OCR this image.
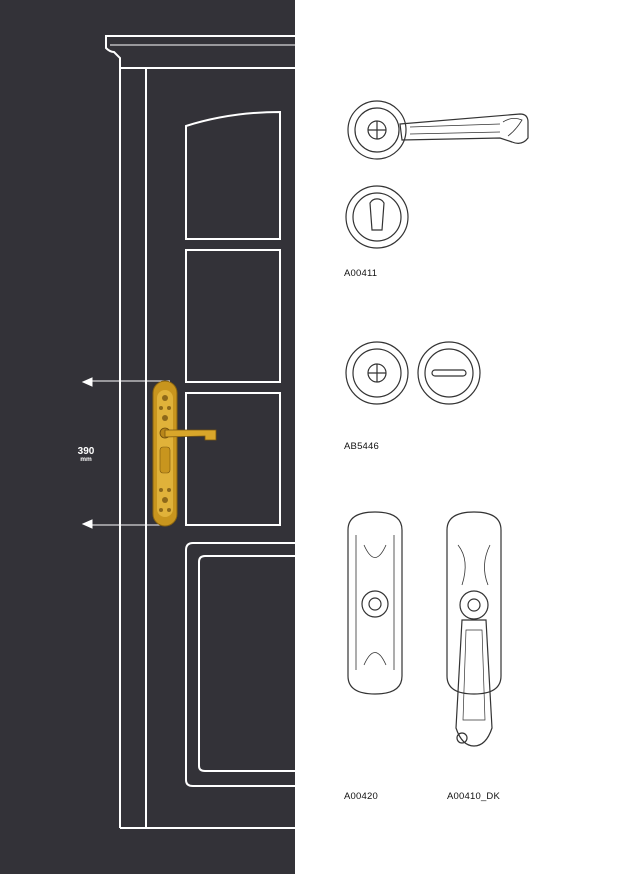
390
mm
A00411
AB5446
A00420	A00410_DK
